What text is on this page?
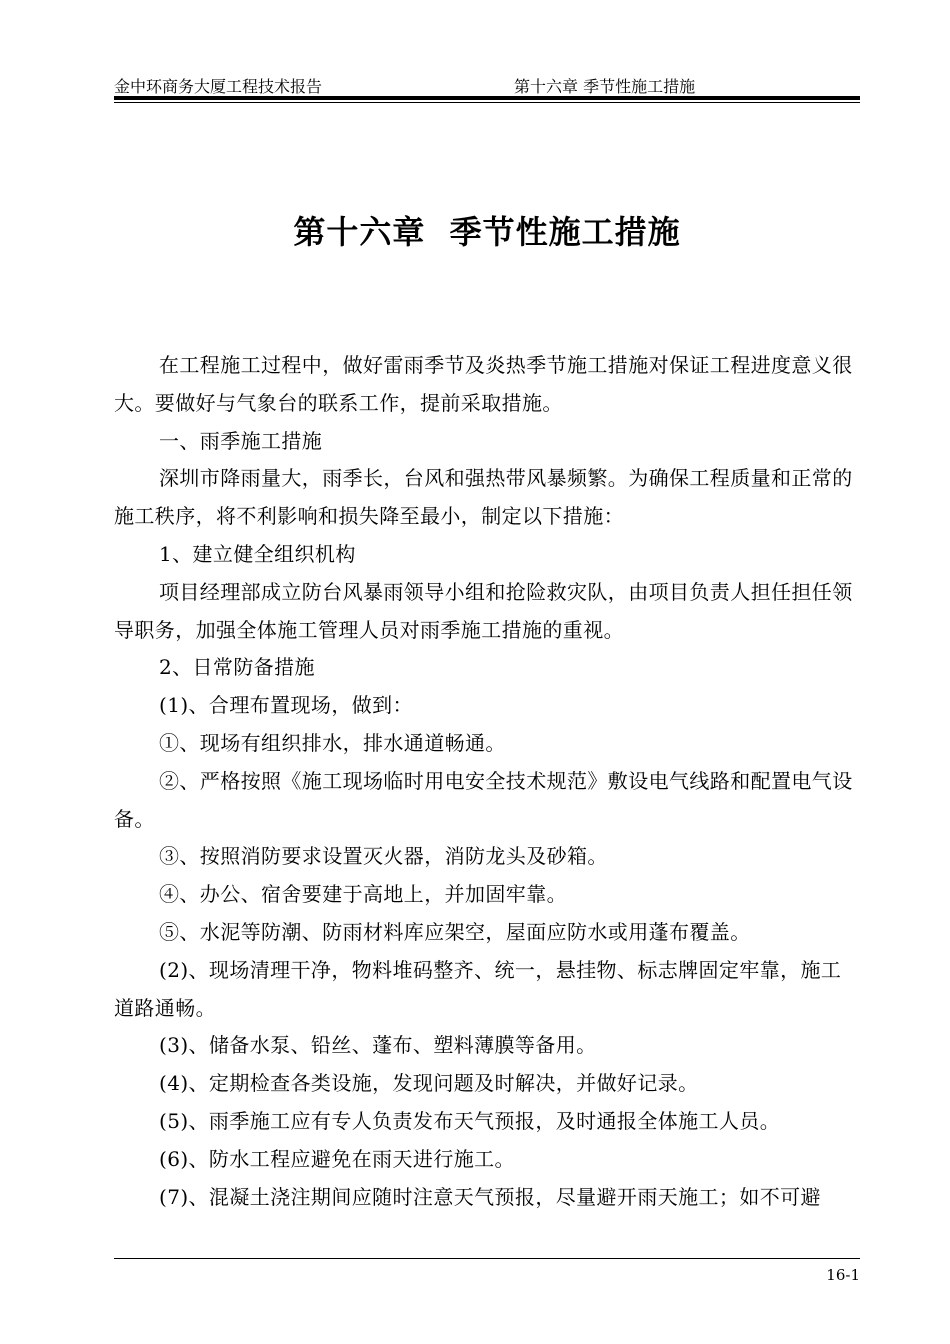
金中环商务大厦工程技术报告	第十六章 季节性施工措施
第十六章  季节性施工措施

在工程施工过程中，做好雷雨季节及炎热季节施工措施对保证工程进度意义很大。要做好与气象台的联系工作，提前采取措施。

一、雨季施工措施

深圳市降雨量大，雨季长，台风和强热带风暴频繁。为确保工程质量和正常的施工秩序，将不利影响和损失降至最小，制定以下措施：

1、建立健全组织机构

项目经理部成立防台风暴雨领导小组和抢险救灾队，由项目负责人担任担任领导职务，加强全体施工管理人员对雨季施工措施的重视。

2、日常防备措施

(1)、合理布置现场，做到：

①、现场有组织排水，排水通道畅通。

②、严格按照《施工现场临时用电安全技术规范》敷设电气线路和配置电气设备。

③、按照消防要求设置灭火器，消防龙头及砂箱。

④、办公、宿舍要建于高地上，并加固牢靠。

⑤、水泥等防潮、防雨材料库应架空，屋面应防水或用蓬布覆盖。

(2)、现场清理干净，物料堆码整齐、统一，悬挂物、标志牌固定牢靠，施工道路通畅。

(3)、储备水泵、铅丝、蓬布、塑料薄膜等备用。

(4)、定期检查各类设施，发现问题及时解决，并做好记录。

(5)、雨季施工应有专人负责发布天气预报，及时通报全体施工人员。

(6)、防水工程应避免在雨天进行施工。

(7)、混凝土浇注期间应随时注意天气预报，尽量避开雨天施工；如不可避

16-1
